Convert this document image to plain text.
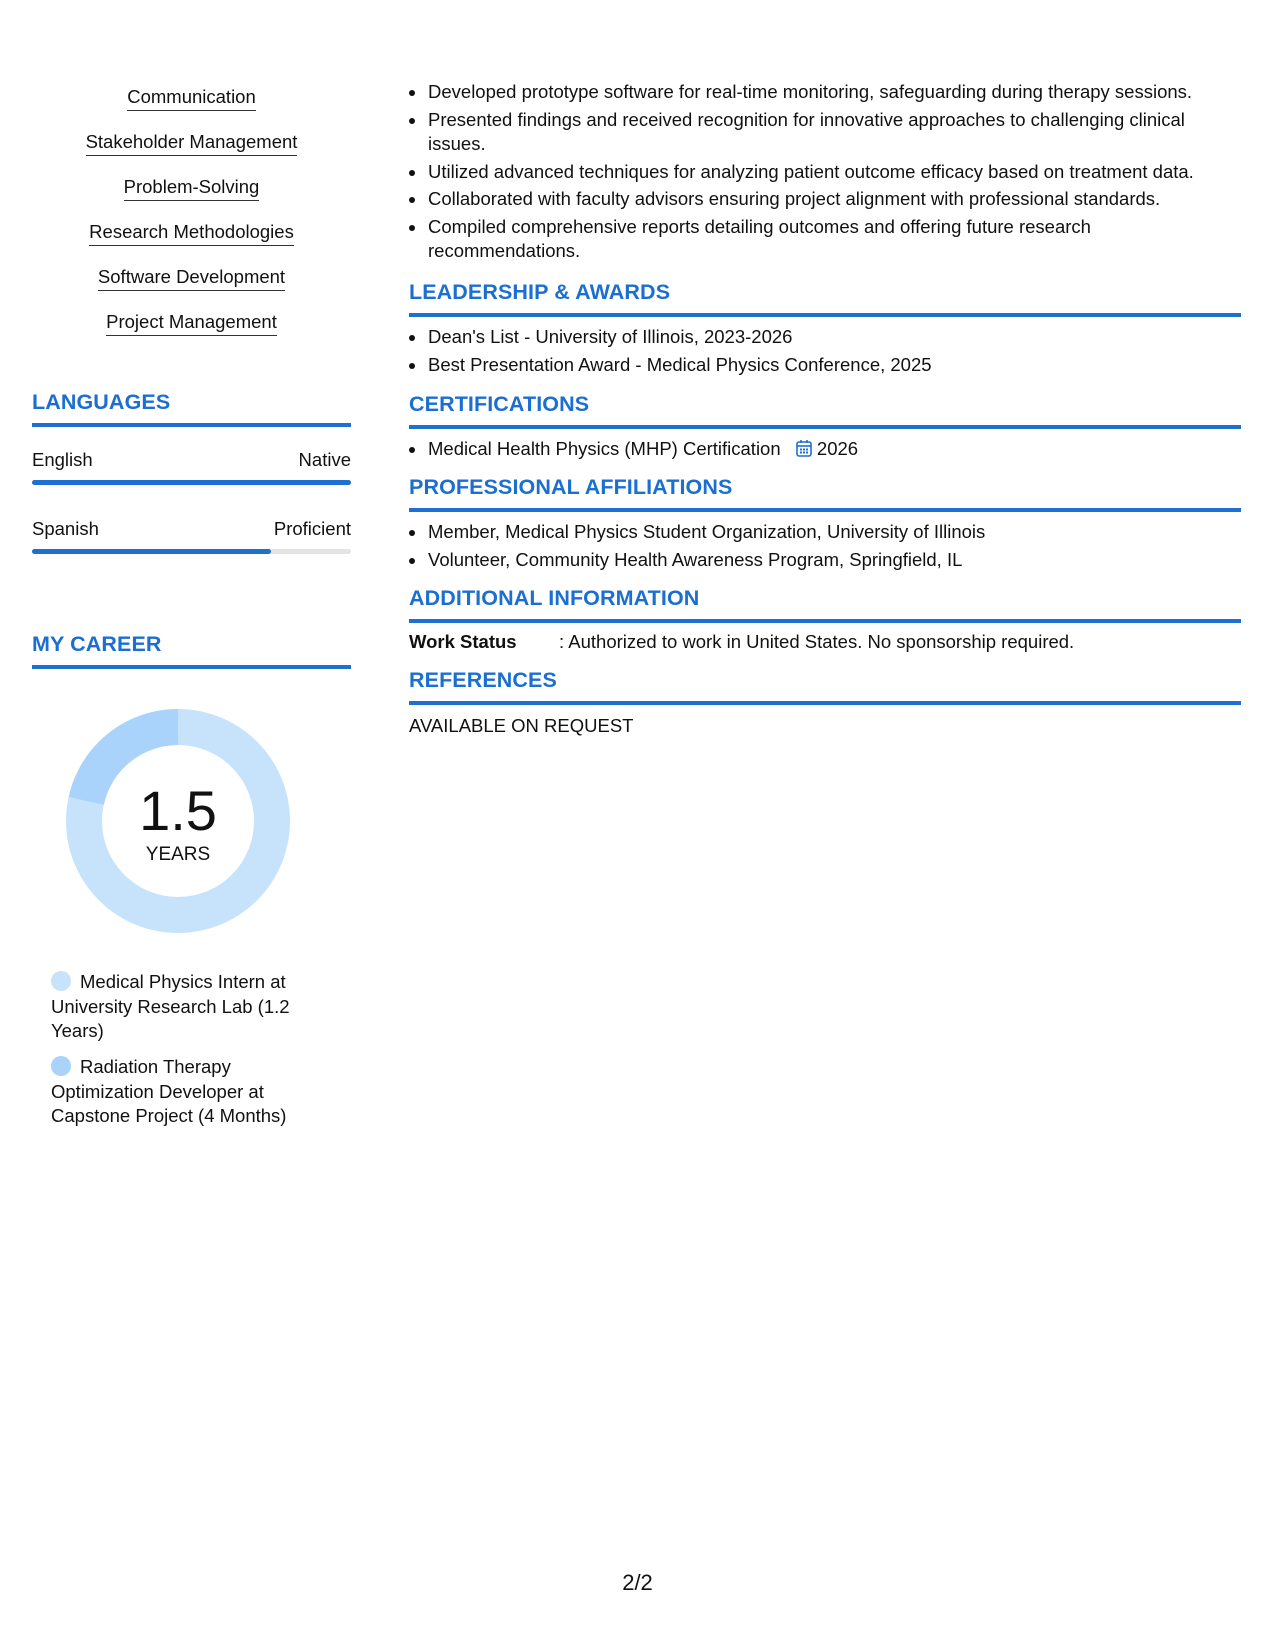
Communication
Stakeholder Management
Problem-Solving
Research Methodologies
Software Development
Project Management
LANGUAGES
English	Native
Spanish	Proficient
MY CAREER
1.5
YEARS
Medical Physics Intern at University Research Lab (1.2 Years)
Radiation Therapy Optimization Developer at Capstone Project (4 Months)
Developed prototype software for real-time monitoring, safeguarding during therapy sessions.
Presented findings and received recognition for innovative approaches to challenging clinical issues.
Utilized advanced techniques for analyzing patient outcome efficacy based on treatment data.
Collaborated with faculty advisors ensuring project alignment with professional standards.
Compiled comprehensive reports detailing outcomes and offering future research recommendations.
LEADERSHIP & AWARDS
Dean's List - University of Illinois, 2023-2026
Best Presentation Award - Medical Physics Conference, 2025
CERTIFICATIONS
Medical Health Physics (MHP) Certification 2026
PROFESSIONAL AFFILIATIONS
Member, Medical Physics Student Organization, University of Illinois
Volunteer, Community Health Awareness Program, Springfield, IL
ADDITIONAL INFORMATION
Work Status	: Authorized to work in United States. No sponsorship required.
REFERENCES
AVAILABLE ON REQUEST
2/2
